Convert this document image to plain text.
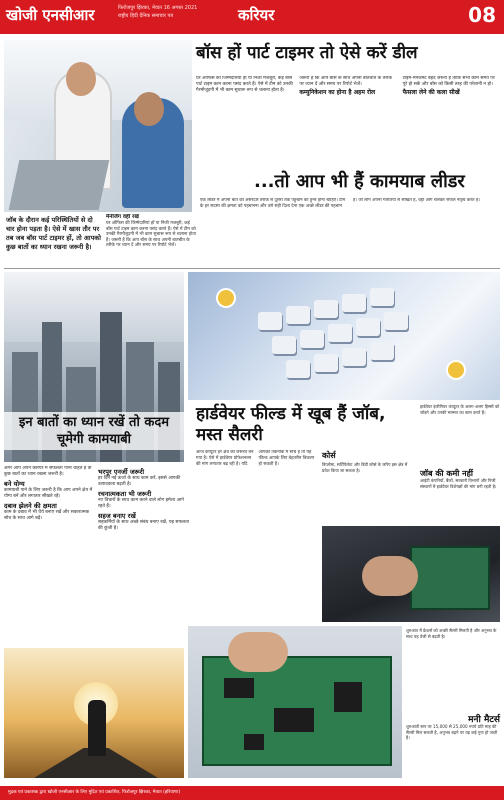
खोजी एनसीआर	फिरोजपुर झिरका, मेवात 16 अगस्त 2021
राष्ट्रीय हिंदी दैनिक समाचार पत्र	करियर	08
बॉस हों पार्ट टाइमर तो ऐसे करें डील
घर ऑफिस की जिम्मेदारियां हों या निजी मजबूरी, कई बॉस पार्ट टाइम काम करना पसंद करते हैं। ऐसे में टीम को उनकी गैरमौजूदगी में भी काम सुचारू रूप से चलाना होता है। जरूरी है कि आप बॉस के साथ अपनी बातचीत के तरीके पर ध्यान दें और समय पर रिपोर्ट भेजें।
कम्युनिकेशन का होना है अहम रोल
टाइम-मैनेजमेंट बेहद जरूरी है ताकि सभी काम समय पर पूरे हो सकें और बॉस को किसी तरह की परेशानी न हो।
फैसला लेने की कला सीखें
जॉब के दौरान कई परिस्थितियों से दो चार होना पड़ता है। ऐसे में खास तौर पर तब जब बॉस पार्ट टाइमर हों, तो आपको कुछ बातों का ध्यान रखना जरूरी है।
मैनेजिंग वही रखें
घर ऑफिस की जिम्मेदारियां हों या निजी मजबूरी, कई बॉस पार्ट टाइम काम करना पसंद करते हैं। ऐसे में टीम को उनकी गैरमौजूदगी में भी काम सुचारू रूप से चलाना होता है। जरूरी है कि आप बॉस के साथ अपनी बातचीत के तरीके पर ध्यान दें और समय पर रिपोर्ट भेजें।
...तो आप भी हैं कामयाब लीडर
एक लीडर में अपनी बात को असरदार तरीके से दूसरों तक पहुंचाने का हुनर होना चाहिए। टीम के हर सदस्य की क्षमता को पहचानना और उसे सही दिशा देना एक अच्छे लीडर की पहचान है। जो लोग अपनी गलतियों से सीखते हैं, वही आगे चलकर सफल नेतृत्व करते हैं।
इन बातों का ध्यान रखें तो कदम चूमेगी कामयाबी
हार्डवेयर फील्ड में खूब हैं जॉब, मस्त सैलरी
हार्डवेयर इंजीनियर कंप्यूटर के अलग-अलग हिस्सों को जोड़ने और उनकी मरम्मत का काम करते हैं।
जॉब की कमी नहीं
आईटी कंपनियों, बैंकों, सरकारी विभागों और निजी संस्थानों में हार्डवेयर विशेषज्ञों की मांग बनी रहती है।
अगर आप अपने करियर में सफलता पाना चाहते हैं तो कुछ बातों का ध्यान रखना जरूरी है।
बने योग्य
कामयाबी पाने के लिए जरूरी है कि आप अपने क्षेत्र में योग्य बनें और लगातार सीखते रहें।
दबाव झेलने की क्षमता
काम के दबाव में भी धैर्य बनाए रखें और सकारात्मक सोच के साथ आगे बढ़ें।
भरपूर एनर्जी जरूरी
हर दिन नई ऊर्जा के साथ काम करें, इससे आपकी उत्पादकता बढ़ती है।
रचनात्मकता भी जरूरी
नए विचारों के साथ काम करने वाले लोग हमेशा आगे रहते हैं।
सहज बनाए रखें
सहकर्मियों के साथ अच्छे संबंध बनाए रखें, यह सफलता की कुंजी है।
आज कंप्यूटर हर क्षेत्र की जरूरत बन गया है। ऐसे में हार्डवेयर प्रोफेशनल्स की मांग लगातार बढ़ रही है। यदि आपको तकनीक में रुचि है तो यह फील्ड आपके लिए बेहतरीन विकल्प हो सकती है।
कोर्स
डिप्लोमा, सर्टिफिकेट और डिग्री कोर्स के जरिए इस क्षेत्र में प्रवेश किया जा सकता है।
शुरुआत में फ्रेशर्स को अच्छी सैलरी मिलती है और अनुभव के साथ यह तेजी से बढ़ती है।
मनी मैटर्स
शुरुआती स्तर पर 15,000 से 25,000 रुपये प्रति माह की सैलरी मिल सकती है, अनुभव बढ़ने पर यह कई गुना हो जाती है।
मुद्रक एवं प्रकाशक द्वारा खोजी एनसीआर के लिए मुद्रित एवं प्रकाशित, फिरोजपुर झिरका, मेवात (हरियाणा)
